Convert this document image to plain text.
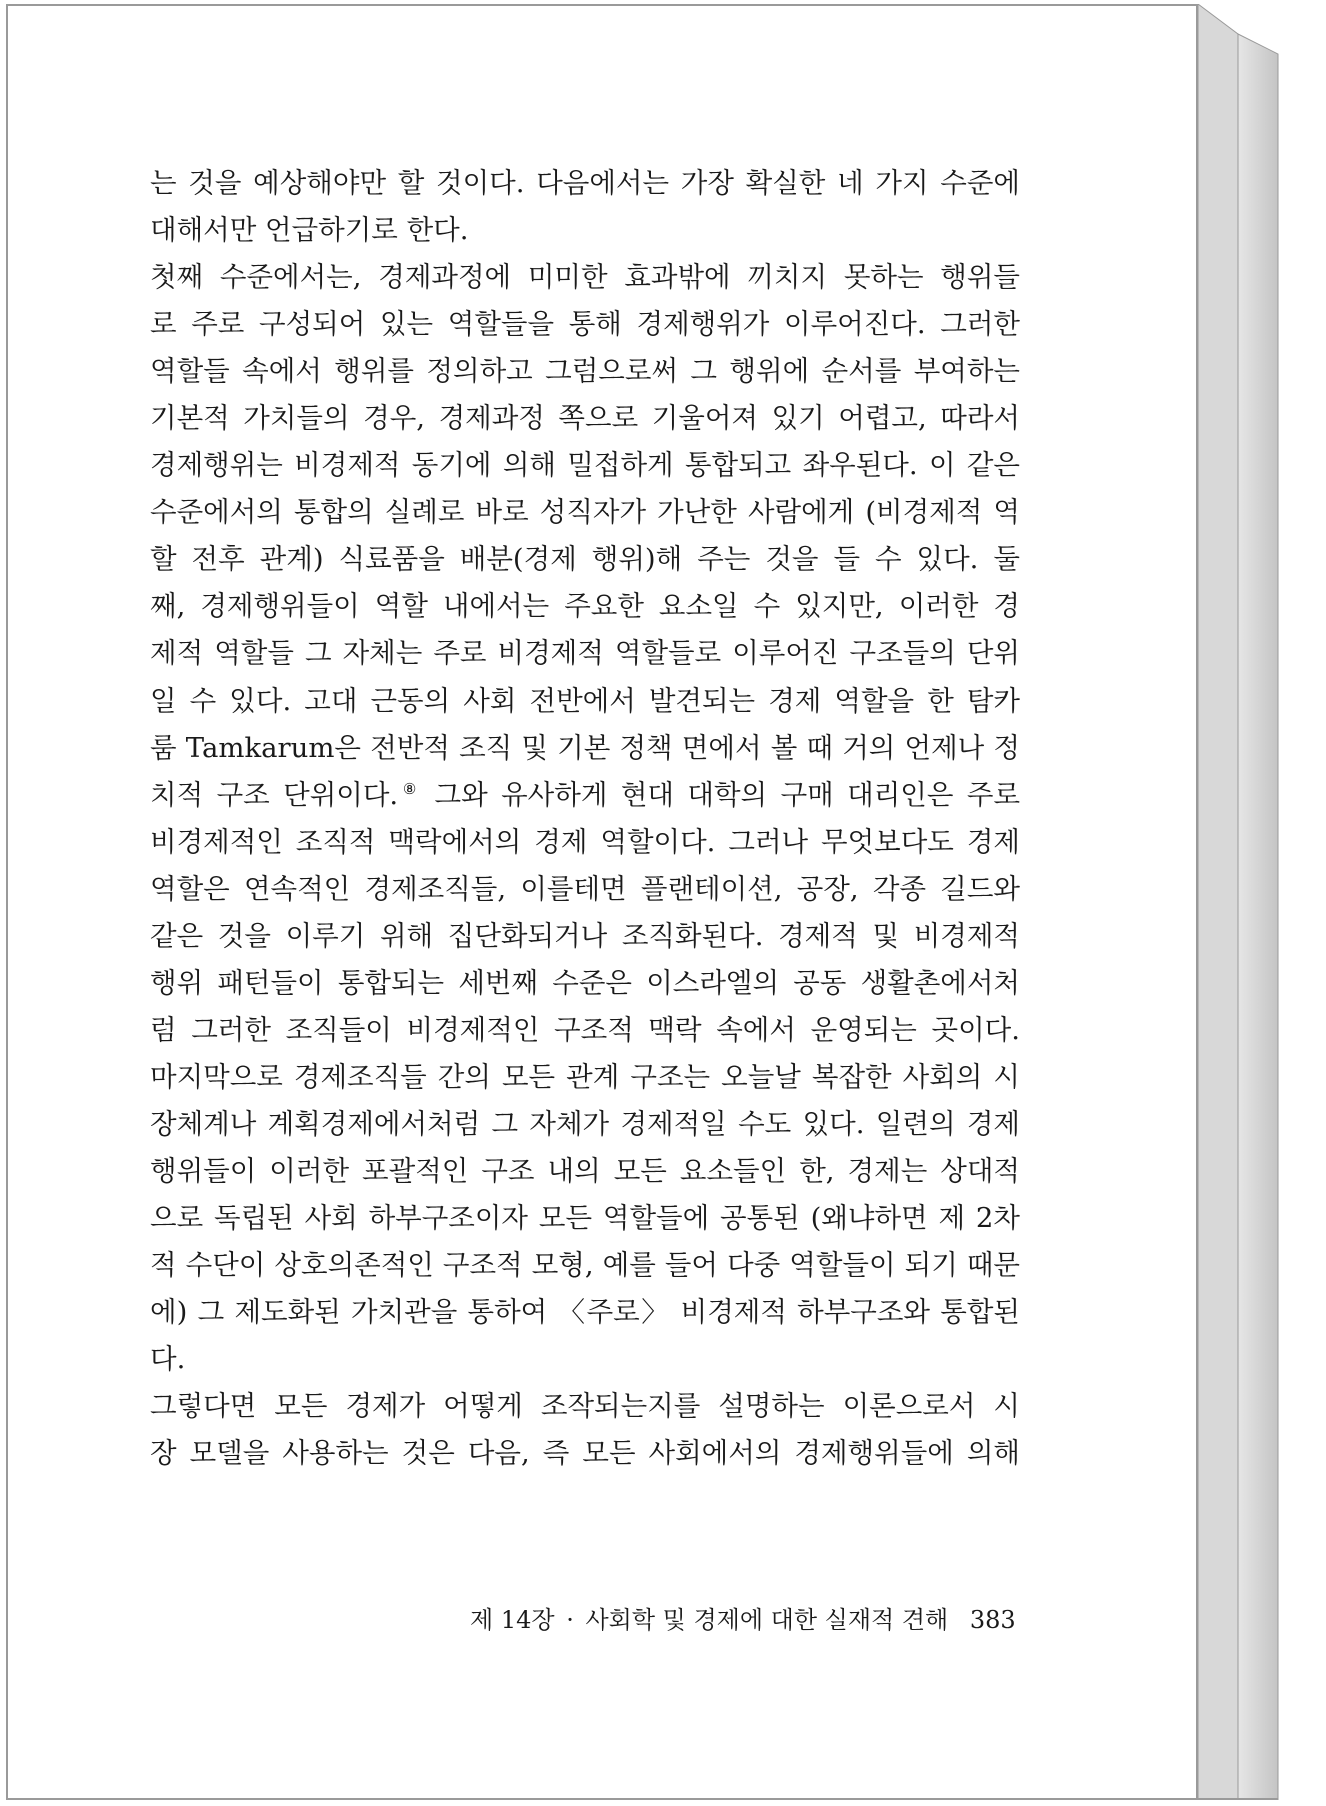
는 것을 예상해야만 할 것이다. 다음에서는 가장 확실한 네 가지 수준에
대해서만 언급하기로 한다.
첫째 수준에서는, 경제과정에 미미한 효과밖에 끼치지 못하는 행위들
로 주로 구성되어 있는 역할들을 통해 경제행위가 이루어진다. 그러한
역할들 속에서 행위를 정의하고 그럼으로써 그 행위에 순서를 부여하는
기본적 가치들의 경우, 경제과정 쪽으로 기울어져 있기 어렵고, 따라서
경제행위는 비경제적 동기에 의해 밀접하게 통합되고 좌우된다. 이 같은
수준에서의 통합의 실례로 바로 성직자가 가난한 사람에게 (비경제적 역
할 전후 관계) 식료품을 배분(경제 행위)해 주는 것을 들 수 있다. 둘
째, 경제행위들이 역할 내에서는 주요한 요소일 수 있지만, 이러한 경
제적 역할들 그 자체는 주로 비경제적 역할들로 이루어진 구조들의 단위
일 수 있다. 고대 근동의 사회 전반에서 발견되는 경제 역할을 한 탐카
룸 Tamkarum은 전반적 조직 및 기본 정책 면에서 볼 때 거의 언제나 정
치적 구조 단위이다.⑧ 그와 유사하게 현대 대학의 구매 대리인은 주로
비경제적인 조직적 맥락에서의 경제 역할이다. 그러나 무엇보다도 경제
역할은 연속적인 경제조직들, 이를테면 플랜테이션, 공장, 각종 길드와
같은 것을 이루기 위해 집단화되거나 조직화된다. 경제적 및 비경제적
행위 패턴들이 통합되는 세번째 수준은 이스라엘의 공동 생활촌에서처
럼 그러한 조직들이 비경제적인 구조적 맥락 속에서 운영되는 곳이다.
마지막으로 경제조직들 간의 모든 관계 구조는 오늘날 복잡한 사회의 시
장체계나 계획경제에서처럼 그 자체가 경제적일 수도 있다. 일련의 경제
행위들이 이러한 포괄적인 구조 내의 모든 요소들인 한, 경제는 상대적
으로 독립된 사회 하부구조이자 모든 역할들에 공통된 (왜냐하면 제 2차
적 수단이 상호의존적인 구조적 모형, 예를 들어 다중 역할들이 되기 때문
에) 그 제도화된 가치관을 통하여 〈주로〉 비경제적 하부구조와 통합된
다.
그렇다면 모든 경제가 어떻게 조작되는지를 설명하는 이론으로서 시
장 모델을 사용하는 것은 다음, 즉 모든 사회에서의 경제행위들에 의해
제 14장 · 사회학 및 경제에 대한 실재적 견해 383
